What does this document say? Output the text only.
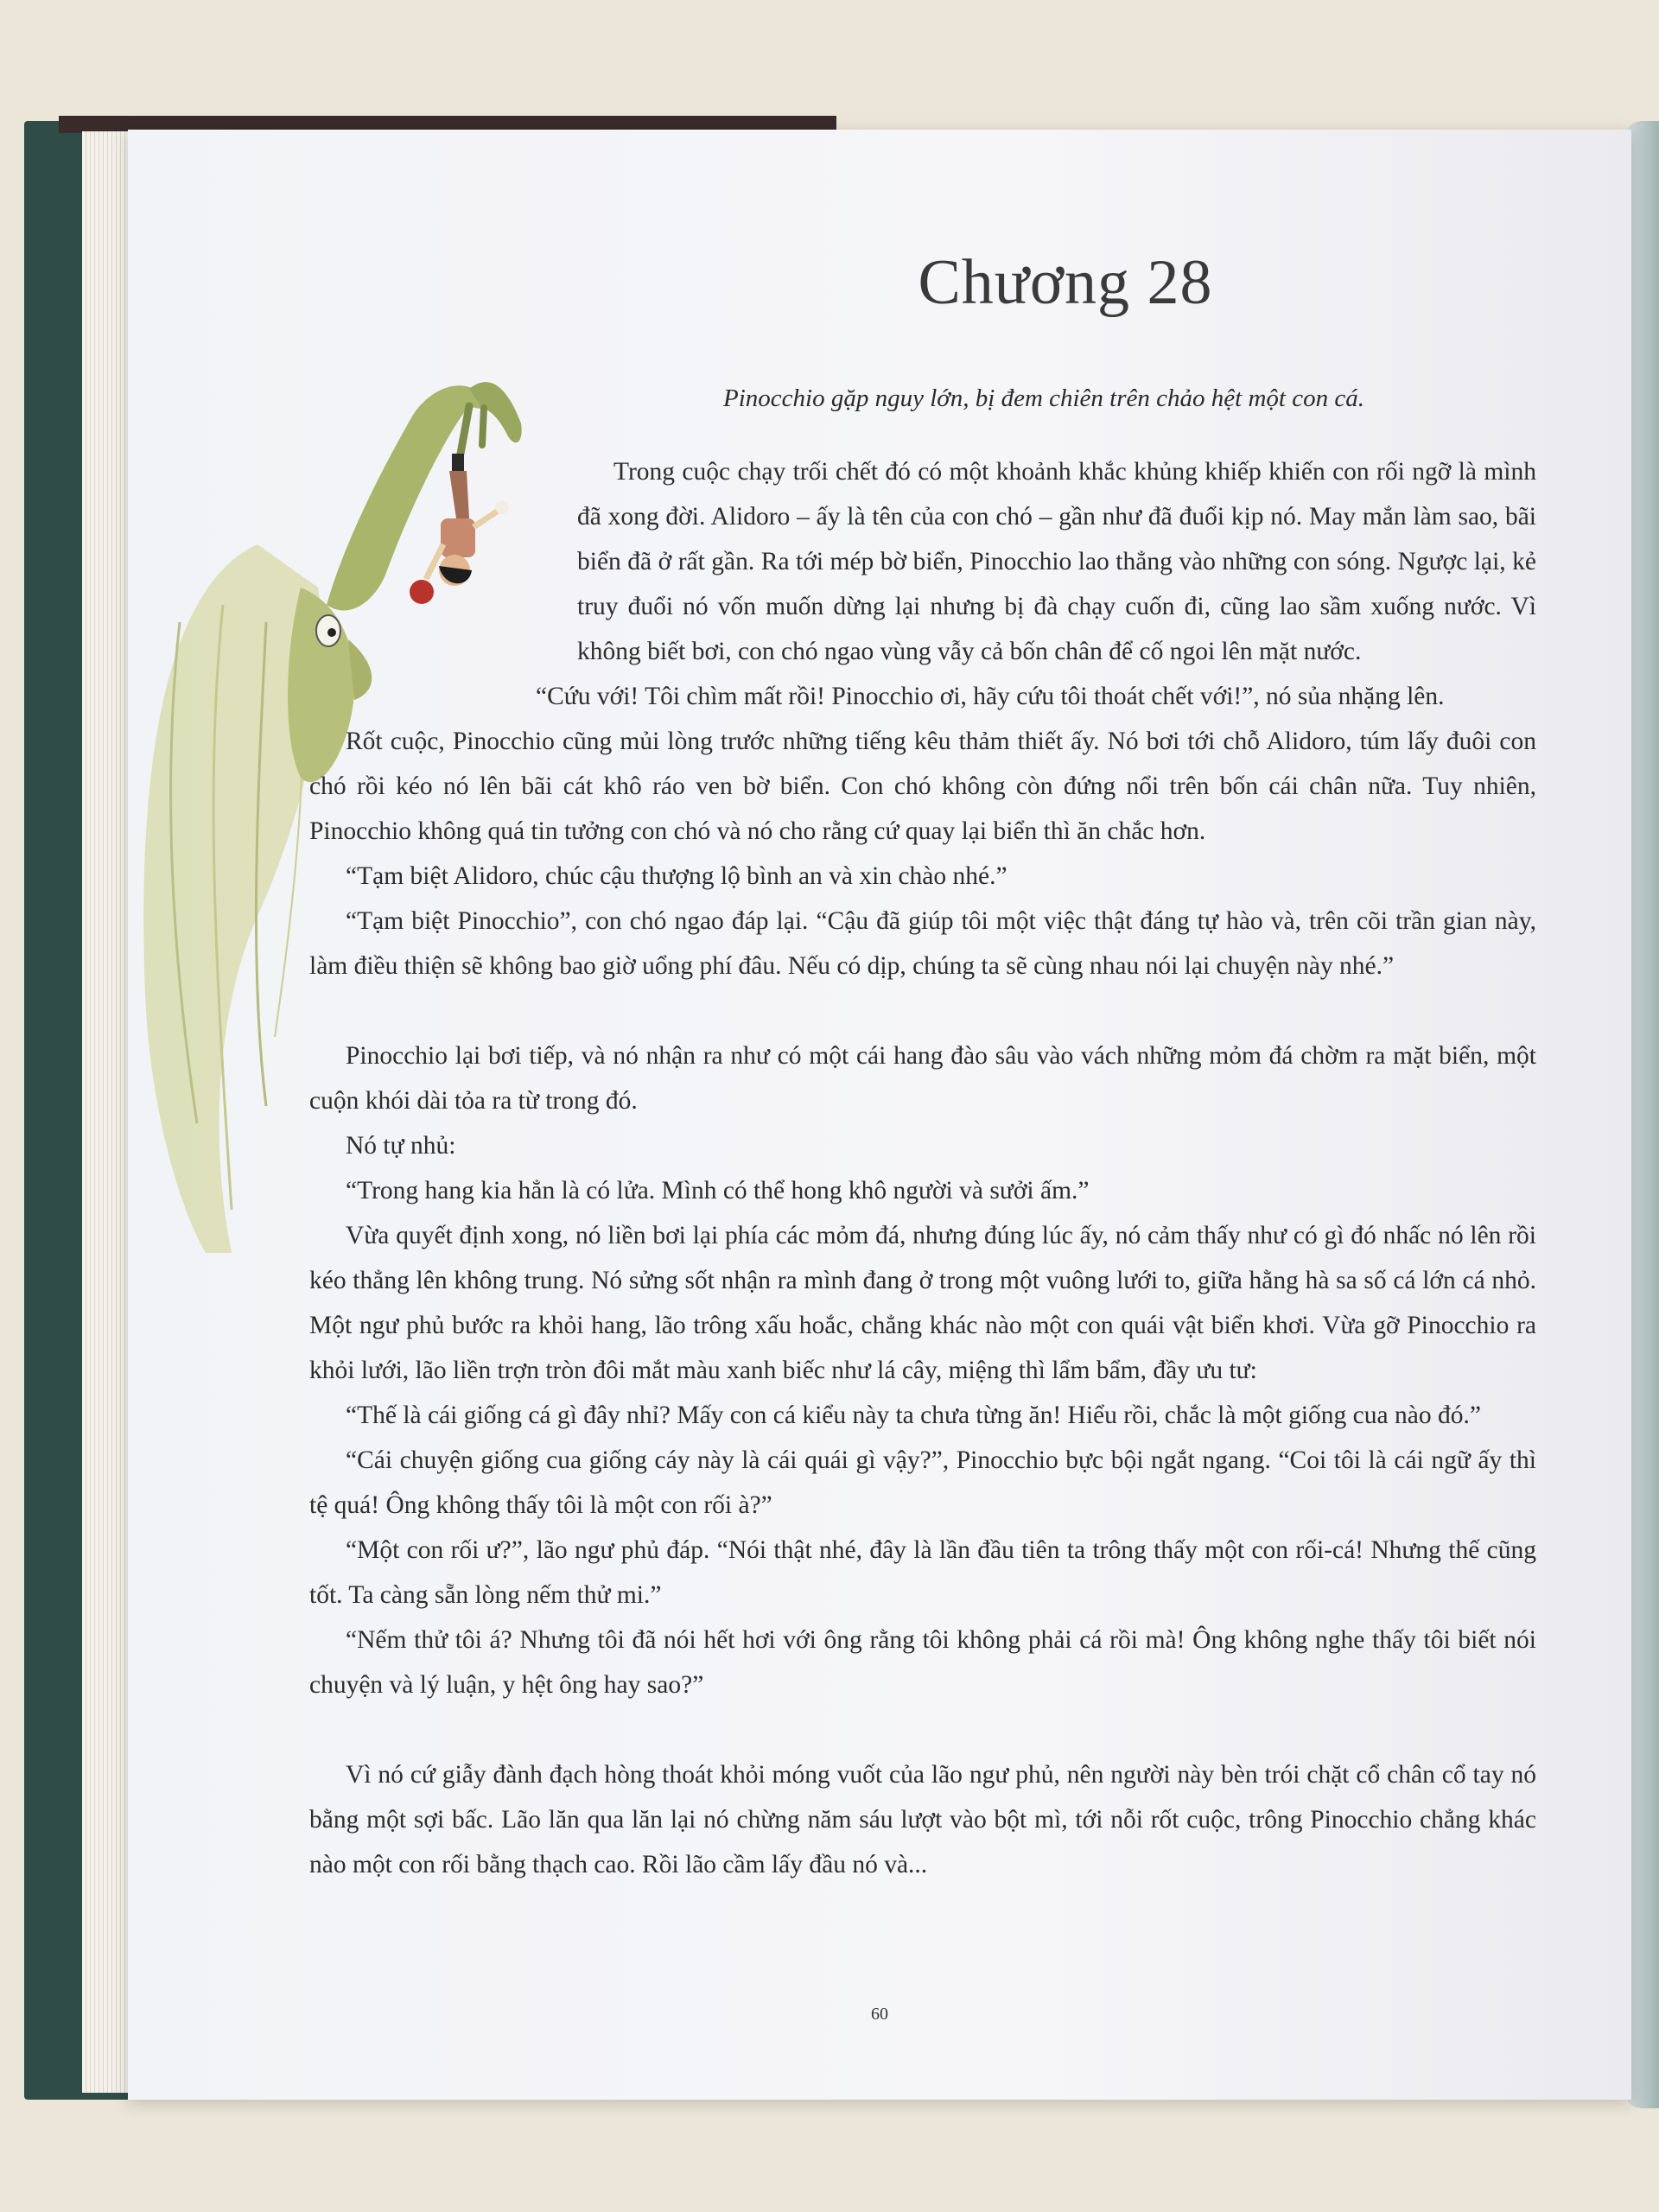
Chương 28
Pinocchio gặp nguy lớn, bị đem chiên trên chảo hệt một con cá.

Trong cuộc chạy trối chết đó có một khoảnh khắc khủng khiếp khiến con rối ngỡ là mình đã xong đời. Alidoro – ấy là tên của con chó – gần như đã đuổi kịp nó. May mắn làm sao, bãi biển đã ở rất gần. Ra tới mép bờ biển, Pinocchio lao thẳng vào những con sóng. Ngược lại, kẻ truy đuổi nó vốn muốn dừng lại nhưng bị đà chạy cuốn đi, cũng lao sầm xuống nước. Vì không biết bơi, con chó ngao vùng vẫy cả bốn chân để cố ngoi lên mặt nước.

“Cứu với! Tôi chìm mất rồi! Pinocchio ơi, hãy cứu tôi thoát chết với!”, nó sủa nhặng lên.

Rốt cuộc, Pinocchio cũng mủi lòng trước những tiếng kêu thảm thiết ấy. Nó bơi tới chỗ Alidoro, túm lấy đuôi con chó rồi kéo nó lên bãi cát khô ráo ven bờ biển. Con chó không còn đứng nổi trên bốn cái chân nữa. Tuy nhiên, Pinocchio không quá tin tưởng con chó và nó cho rằng cứ quay lại biển thì ăn chắc hơn.

“Tạm biệt Alidoro, chúc cậu thượng lộ bình an và xin chào nhé.”

“Tạm biệt Pinocchio”, con chó ngao đáp lại. “Cậu đã giúp tôi một việc thật đáng tự hào và, trên cõi trần gian này, làm điều thiện sẽ không bao giờ uổng phí đâu. Nếu có dịp, chúng ta sẽ cùng nhau nói lại chuyện này nhé.”

Pinocchio lại bơi tiếp, và nó nhận ra như có một cái hang đào sâu vào vách những mỏm đá chờm ra mặt biển, một cuộn khói dài tỏa ra từ trong đó.

Nó tự nhủ:

“Trong hang kia hẳn là có lửa. Mình có thể hong khô người và sưởi ấm.”

Vừa quyết định xong, nó liền bơi lại phía các mỏm đá, nhưng đúng lúc ấy, nó cảm thấy như có gì đó nhấc nó lên rồi kéo thẳng lên không trung. Nó sửng sốt nhận ra mình đang ở trong một vuông lưới to, giữa hằng hà sa số cá lớn cá nhỏ. Một ngư phủ bước ra khỏi hang, lão trông xấu hoắc, chẳng khác nào một con quái vật biển khơi. Vừa gỡ Pinocchio ra khỏi lưới, lão liền trợn tròn đôi mắt màu xanh biếc như lá cây, miệng thì lẩm bẩm, đầy ưu tư:

“Thế là cái giống cá gì đây nhỉ? Mấy con cá kiểu này ta chưa từng ăn! Hiểu rồi, chắc là một giống cua nào đó.”

“Cái chuyện giống cua giống cáy này là cái quái gì vậy?”, Pinocchio bực bội ngắt ngang. “Coi tôi là cái ngữ ấy thì tệ quá! Ông không thấy tôi là một con rối à?”

“Một con rối ư?”, lão ngư phủ đáp. “Nói thật nhé, đây là lần đầu tiên ta trông thấy một con rối-cá! Nhưng thế cũng tốt. Ta càng sẵn lòng nếm thử mi.”

“Nếm thử tôi á? Nhưng tôi đã nói hết hơi với ông rằng tôi không phải cá rồi mà! Ông không nghe thấy tôi biết nói chuyện và lý luận, y hệt ông hay sao?”

Vì nó cứ giẫy đành đạch hòng thoát khỏi móng vuốt của lão ngư phủ, nên người này bèn trói chặt cổ chân cổ tay nó bằng một sợi bấc. Lão lăn qua lăn lại nó chừng năm sáu lượt vào bột mì, tới nỗi rốt cuộc, trông Pinocchio chẳng khác nào một con rối bằng thạch cao. Rồi lão cầm lấy đầu nó và...

60
